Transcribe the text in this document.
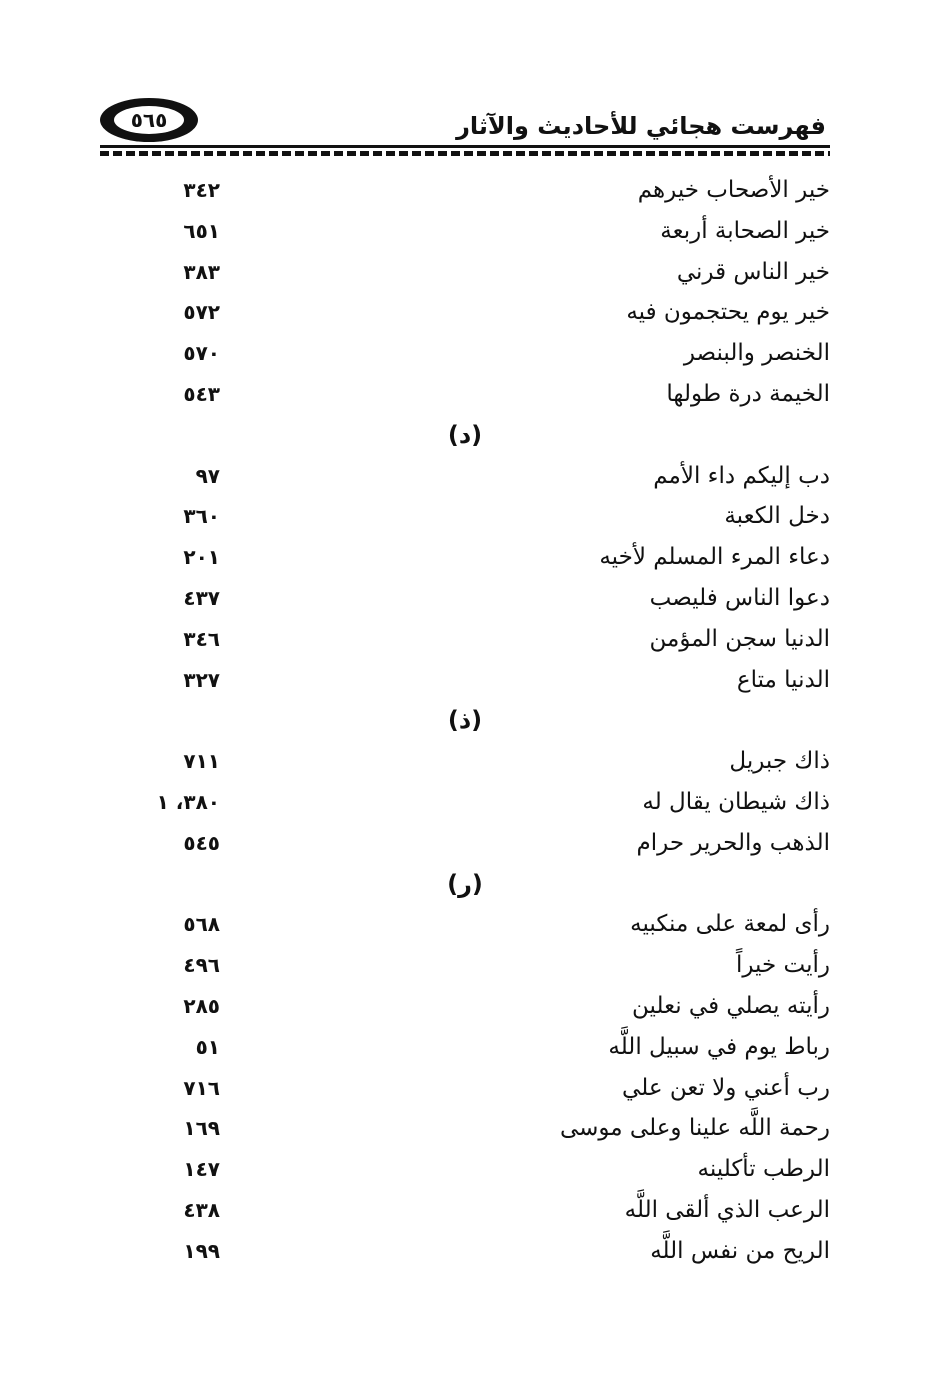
فهرست هجائي للأحاديث والآثار
٥٦٥
خير الأصحاب خيرهم
٣٤٢
خير الصحابة أربعة
٦٥١
خير الناس قرني
٣٨٣
خير يوم يحتجمون فيه
٥٧٢
الخنصر والبنصر
٥٧٠
الخيمة درة طولها
٥٤٣
(د)
دب إليكم داء الأمم
٩٧
دخل الكعبة
٣٦٠
دعاء المرء المسلم لأخيه
٢٠١
دعوا الناس فليصب
٤٣٧
الدنيا سجن المؤمن
٣٤٦
الدنيا متاع
٣٢٧
(ذ)
ذاك جبريل
٧١١
ذاك شيطان يقال له
٣٨٠، ١
الذهب والحرير حرام
٥٤٥
(ر)
رأى لمعة على منكبيه
٥٦٨
رأيت خيراً
٤٩٦
رأيته يصلي في نعلين
٢٨٥
رباط يوم في سبيل اللَّه
٥١
رب أعني ولا تعن علي
٧١٦
رحمة اللَّه علينا وعلى موسى
١٦٩
الرطب تأكلينه
١٤٧
الرعب الذي ألقى اللَّه
٤٣٨
الريح من نفس اللَّه
١٩٩
